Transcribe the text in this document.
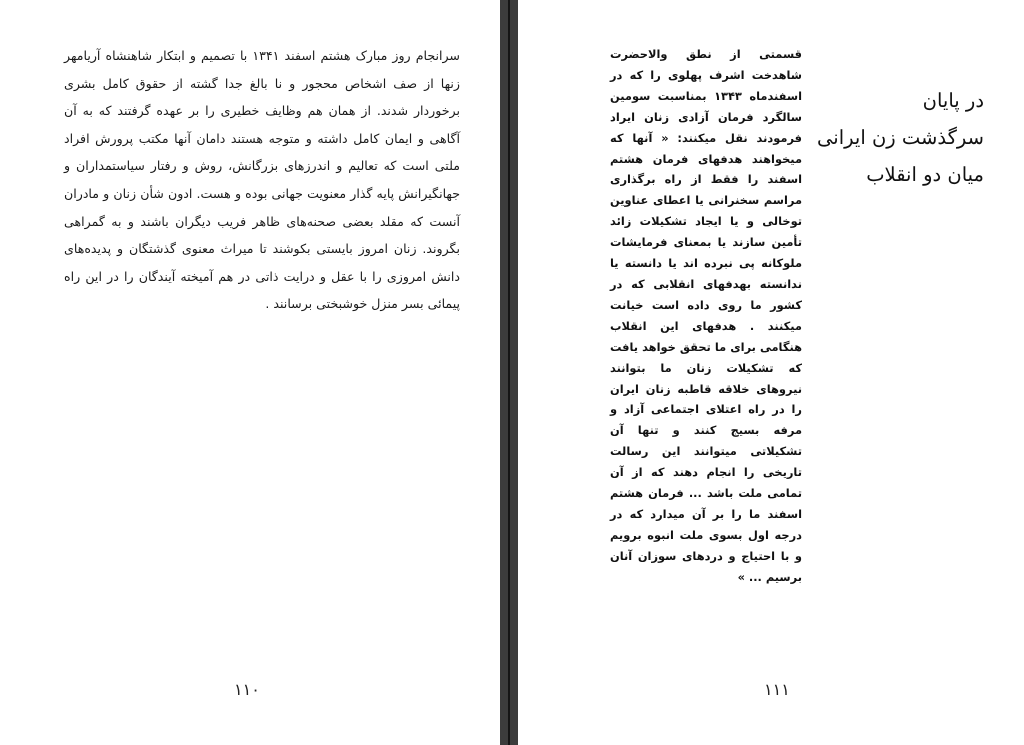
سرانجام روز مبارک هشتم اسفند ۱۳۴۱ با تصمیم و ابتکار شاهنشاه آریامهر زنها از صف اشخاص محجور و نا بالغ جدا گشته از حقوق کامل بشری برخوردار شدند. از همان هم وظایف خطیری را بر عهده گرفتند که به آن آگاهی و ایمان کامل داشته و متوجه هستند دامان آنها مکتب پرورش افراد ملتی است که تعالیم و اندرزهای بزرگانش، روش و رفتار سیاستمداران و جهانگیرانش پایه گذار معنویت جهانی بوده و هست. ادون شأن زنان و مادران آنست که مقلد بعضی صحنه‌های ظاهر فریب دیگران باشند و به گمراهی بگروند. زنان امروز بایستی بکوشند تا میراث معنوی گذشتگان و پدیده‌های دانش امروزی را با عقل و درایت ذاتی در هم آمیخته آیندگان را در این راه پیمائی بسر منزل خوشبختی برسانند .
۱۱۰
قسمتی از نطق والاحضرت شاهدخت اشرف پهلوی را که در اسفندماه ۱۳۴۳ بمناسبت سومین سالگرد فرمان آزادی زنان ایراد فرمودند نقل میکنند: « آنها که میخواهند هدفهای فرمان هشتم اسفند را فقط از راه برگذاری مراسم سخنرانی یا اعطای عناوین توخالی و یا ایجاد تشکیلات زائد تأمین سازند یا بمعنای فرمایشات ملوکانه پی نبرده اند یا دانسته یا ندانسته بهدفهای انقلابی که در کشور ما روی داده است خیانت میکنند . هدفهای این انقلاب هنگامی برای ما تحقق خواهد یافت که تشکیلات زنان ما بتوانند نیروهای خلاقه قاطبه زنان ایران را در راه اعتلای اجتماعی آزاد و مرفه بسیج کنند و تنها آن تشکیلاتی میتوانند این رسالت تاریخی را انجام دهند که از آن تمامی ملت باشد ... فرمان هشتم اسفند ما را بر آن میدارد که در درجه اول بسوی ملت انبوه برویم و با احتیاج و دردهای سوزان آنان برسیم ... »
در پایان
سرگذشت زن ایرانی
میان دو انقلاب
۱۱۱
